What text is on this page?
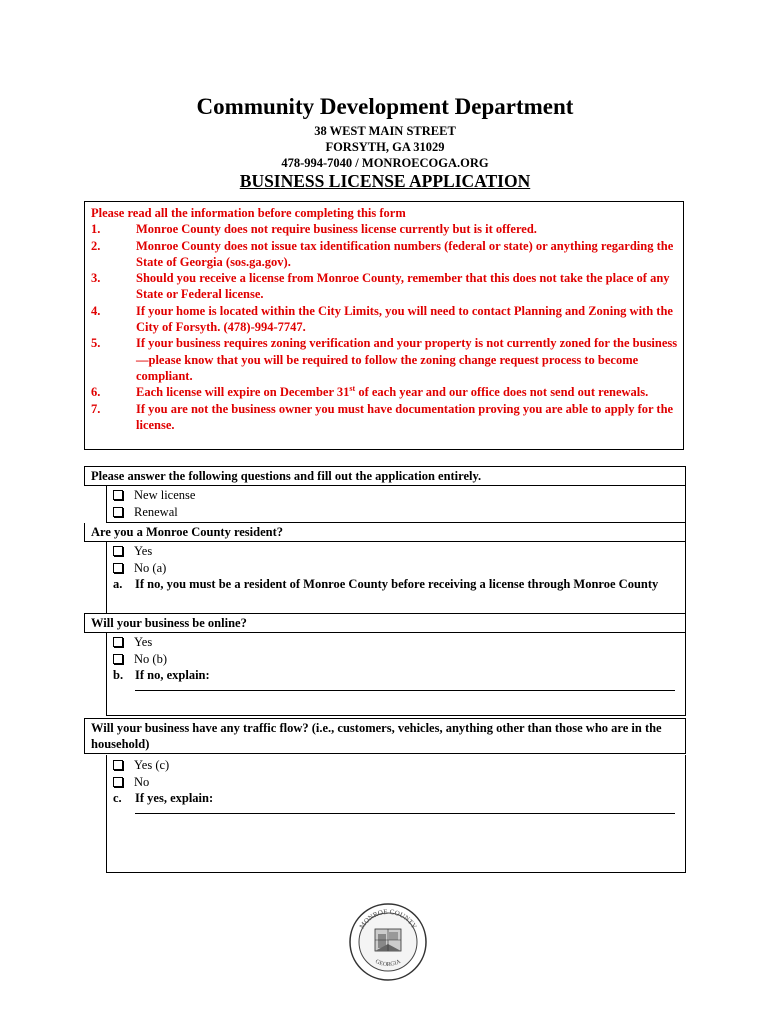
Community Development Department
38 WEST MAIN STREET
FORSYTH, GA 31029
478-994-7040 / MONROECOGA.ORG
BUSINESS LICENSE APPLICATION
Please read all the information before completing this form
1.	Monroe County does not require business license currently but is it offered.
2.	Monroe County does not issue tax identification numbers (federal or state) or anything regarding the State of Georgia (sos.ga.gov).
3.	Should you receive a license from Monroe County, remember that this does not take the place of any State or Federal license.
4.	If your home is located within the City Limits, you will need to contact Planning and Zoning with the City of Forsyth. (478)-994-7747.
5.	If your business requires zoning verification and your property is not currently zoned for the business—please know that you will be required to follow the zoning change request process to become compliant.
6.	Each license will expire on December 31st of each year and our office does not send out renewals.
7.	If you are not the business owner you must have documentation proving you are able to apply for the license.
Please answer the following questions and fill out the application entirely.
New license
Renewal
Are you a Monroe County resident?
Yes
No (a)
a.	If no, you must be a resident of Monroe County before receiving a license through Monroe County
Will your business be online?
Yes
No (b)
b. If no, explain:
Will your business have any traffic flow? (i.e., customers, vehicles, anything other than those who are in the household)
Yes (c)
No
c.	If yes, explain:
MONROE COUNTY
GEORGIA
